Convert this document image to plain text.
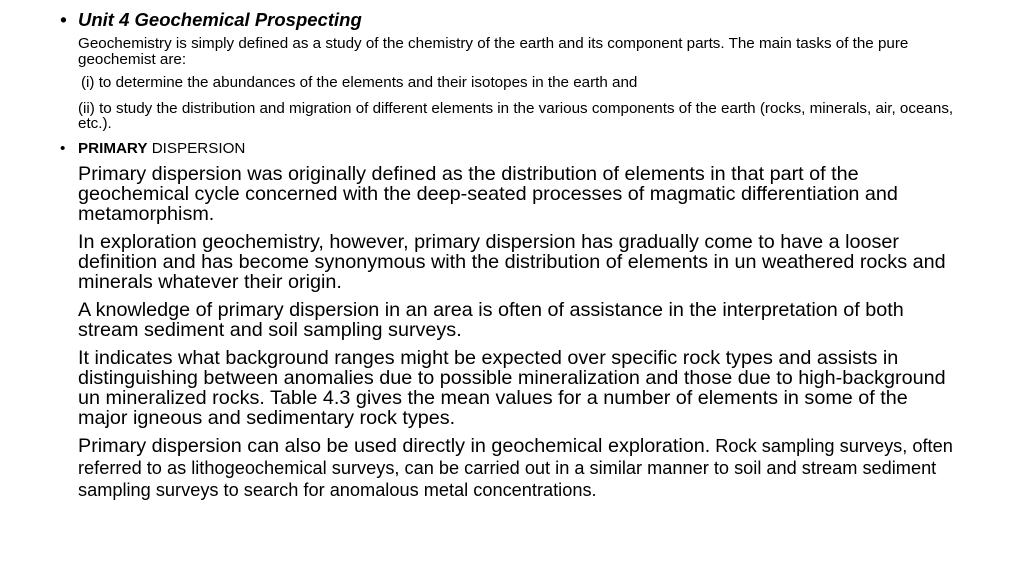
• Unit 4 Geochemical Prospecting

Geochemistry is simply defined as a study of the chemistry of the earth and its component parts. The main tasks of the pure geochemist are:

(i) to determine the abundances of the elements and their isotopes in the earth and

(ii) to study the distribution and migration of different elements in the various components of the earth (rocks, minerals, air, oceans, etc.).

• PRIMARY DISPERSION

Primary dispersion was originally defined as the distribution of elements in that part of the geochemical cycle concerned with the deep-seated processes of magmatic differentiation and metamorphism.

In exploration geochemistry, however, primary dispersion has gradually come to have a looser definition and has become synonymous with the distribution of elements in un weathered rocks and minerals whatever their origin.

A knowledge of primary dispersion in an area is often of assistance in the interpretation of both stream sediment and soil sampling surveys.

It indicates what background ranges might be expected over specific rock types and assists in distinguishing between anomalies due to possible mineralization and those due to high-background un mineralized rocks. Table 4.3 gives the mean values for a number of elements in some of the major igneous and sedimentary rock types.

Primary dispersion can also be used directly in geochemical exploration. Rock sampling surveys, often referred to as lithogeochemical surveys, can be carried out in a similar manner to soil and stream sediment sampling surveys to search for anomalous metal concentrations.
